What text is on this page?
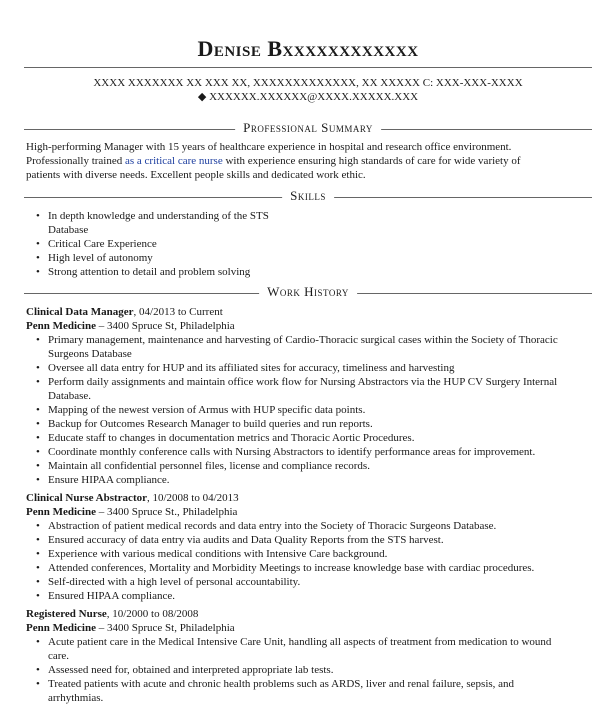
Denise Bxxxxxxxxxxxx
XXXX XXXXXXX XX XXX XX, XXXXXXXXXXXXX, XX XXXXX C: XXX-XXX-XXXX
◆ XXXXXX.XXXXXX@XXXX.XXXXX.XXX
Professional Summary
High-performing Manager with 15 years of healthcare experience in hospital and research office environment.
Professionally trained as a critical care nurse with experience ensuring high standards of care for wide variety of
patients with diverse needs. Excellent people skills and dedicated work ethic.
Skills
• In depth knowledge and understanding of the STS Database
• Critical Care Experience
• High level of autonomy
• Strong attention to detail and problem solving
Work History
Clinical Data Manager, 04/2013 to Current
Penn Medicine – 3400 Spruce St, Philadelphia
• Primary management, maintenance and harvesting of Cardio-Thoracic surgical cases within the Society of Thoracic Surgeons Database
• Oversee all data entry for HUP and its affiliated sites for accuracy, timeliness and harvesting
• Perform daily assignments and maintain office work flow for Nursing Abstractors via the HUP CV Surgery Internal Database.
• Mapping of the newest version of Armus with HUP specific data points.
• Backup for Outcomes Research Manager to build queries and run reports.
• Educate staff to changes in documentation metrics and Thoracic Aortic Procedures.
• Coordinate monthly conference calls with Nursing Abstractors to identify performance areas for improvement.
• Maintain all confidential personnel files, license and compliance records.
• Ensure HIPAA compliance.
Clinical Nurse Abstractor, 10/2008 to 04/2013
Penn Medicine – 3400 Spruce St., Philadelphia
• Abstraction of patient medical records and data entry into the Society of Thoracic Surgeons Database.
• Ensured accuracy of data entry via audits and Data Quality Reports from the STS harvest.
• Experience with various medical conditions with Intensive Care background.
• Attended conferences, Mortality and Morbidity Meetings to increase knowledge base with cardiac procedures.
• Self-directed with a high level of personal accountability.
• Ensured HIPAA compliance.
Registered Nurse, 10/2000 to 08/2008
Penn Medicine – 3400 Spruce St, Philadelphia
• Acute patient care in the Medical Intensive Care Unit, handling all aspects of treatment from medication to wound care.
• Assessed need for, obtained and interpreted appropriate lab tests.
• Treated patients with acute and chronic health problems such as ARDS, liver and renal failure, sepsis, and arrhythmias.
